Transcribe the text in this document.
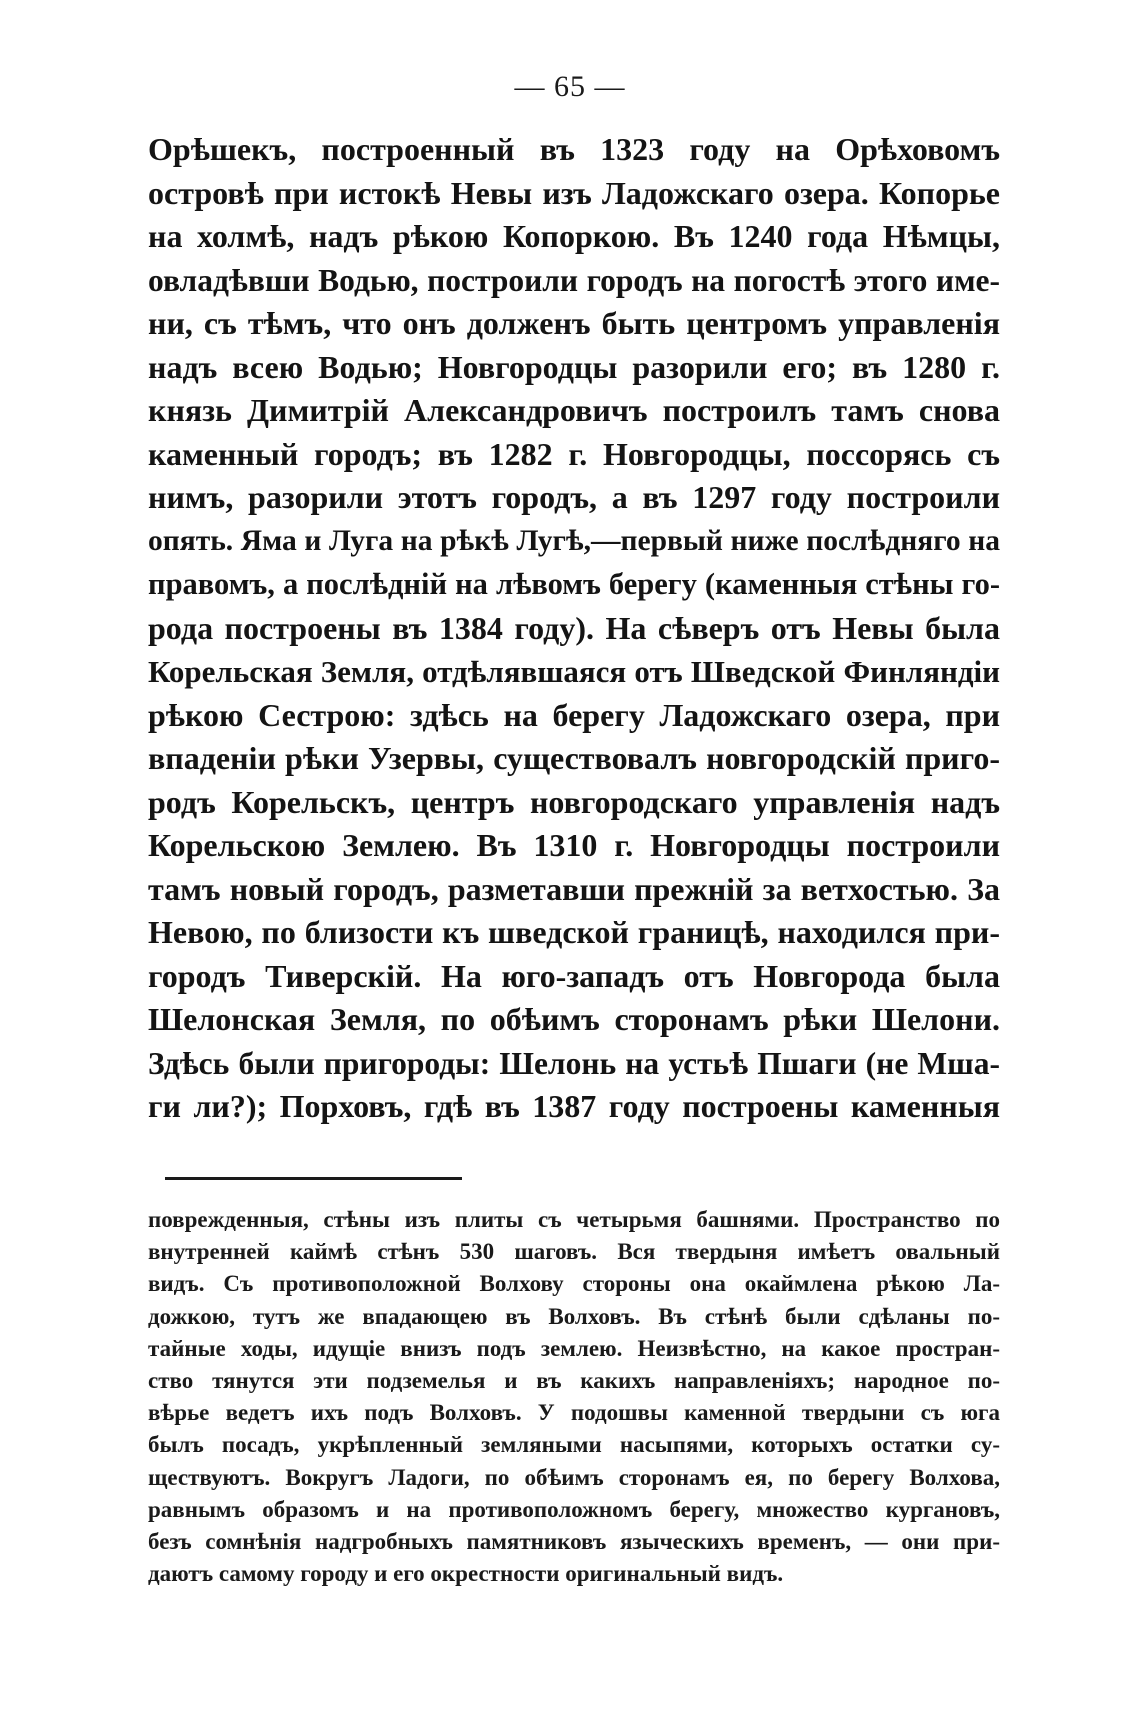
— 65 —
Орѣшекъ, построенный въ 1323 году на Орѣховомъ
островѣ при истокѣ Невы изъ Ладожскаго озера. Копорье
на холмѣ, надъ рѣкою Копоркою. Въ 1240 года Нѣмцы,
овладѣвши Водью, построили городъ на погостѣ этого име-
ни, съ тѣмъ, что онъ долженъ быть центромъ управленія
надъ всею Водью; Новгородцы разорили его; въ 1280 г.
князь Димитрій Александровичъ построилъ тамъ снова
каменный городъ; въ 1282 г. Новгородцы, поссорясь съ
нимъ, разорили этотъ городъ, а въ 1297 году построили
опять. Яма и Луга на рѣкѣ Лугѣ,—первый ниже послѣдняго на
правомъ, а послѣдній на лѣвомъ берегу (каменныя стѣны го-
рода построены въ 1384 году). На сѣверъ отъ Невы была
Корельская Земля, отдѣлявшаяся отъ Шведской Финляндіи
рѣкою Сестрою: здѣсь на берегу Ладожскаго озера, при
впаденіи рѣки Узервы, существовалъ новгородскій приго-
родъ Корельскъ, центръ новгородскаго управленія надъ
Корельскою Землею. Въ 1310 г. Новгородцы построили
тамъ новый городъ, разметавши прежній за ветхостью. За
Невою, по близости къ шведской границѣ, находился при-
городъ Тиверскій. На юго-западъ отъ Новгорода была
Шелонская Земля, по обѣимъ сторонамъ рѣки Шелони.
Здѣсь были пригороды: Шелонь на устьѣ Пшаги (не Мша-
ги ли?); Порховъ, гдѣ въ 1387 году построены каменныя
поврежденныя, стѣны изъ плиты съ четырьмя башнями. Пространство по
внутренней каймѣ стѣнъ 530 шаговъ. Вся твердыня имѣетъ овальный
видъ. Съ противоположной Волхову стороны она окаймлена рѣкою Ла-
дожкою, тутъ же впадающею въ Волховъ. Въ стѣнѣ были сдѣланы по-
тайные ходы, идущіе внизъ подъ землею. Неизвѣстно, на какое простран-
ство тянутся эти подземелья и въ какихъ направленіяхъ; народное по-
вѣрье ведетъ ихъ подъ Волховъ. У подошвы каменной твердыни съ юга
былъ посадъ, укрѣпленный земляными насыпями, которыхъ остатки су-
ществуютъ. Вокругъ Ладоги, по обѣимъ сторонамъ ея, по берегу Волхова,
равнымъ образомъ и на противоположномъ берегу, множество кургановъ,
безъ сомнѣнія надгробныхъ памятниковъ языческихъ временъ, — они при-
даютъ самому городу и его окрестности оригинальный видъ.
